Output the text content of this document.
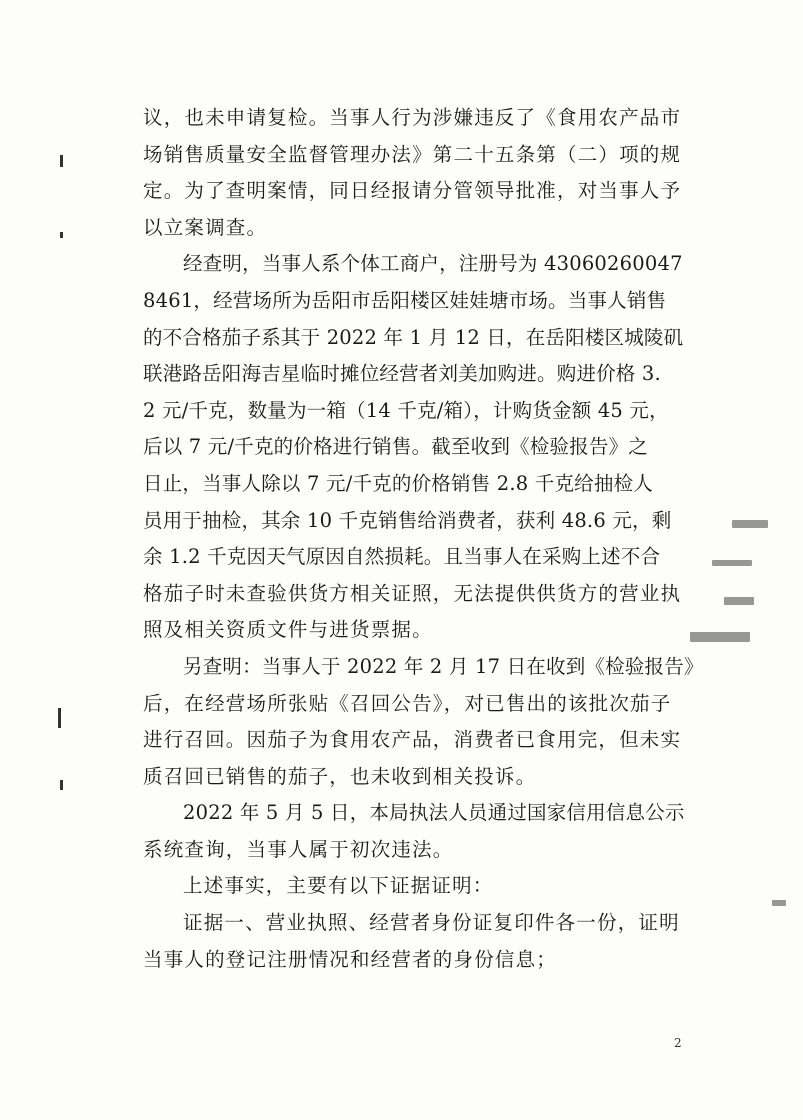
议，也未申请复检。当事人行为涉嫌违反了《食用农产品市
场销售质量安全监督管理办法》第二十五条第（二）项的规
定。为了查明案情，同日经报请分管领导批准，对当事人予
以立案调查。
经查明，当事人系个体工商户，注册号为 43060260047
8461，经营场所为岳阳市岳阳楼区娃娃塘市场。当事人销售
的不合格茄子系其于 2022 年 1 月 12 日，在岳阳楼区城陵矶
联港路岳阳海吉星临时摊位经营者刘美加购进。购进价格 3.
2 元/千克，数量为一箱（14 千克/箱），计购货金额 45 元，
后以 7 元/千克的价格进行销售。截至收到《检验报告》之
日止，当事人除以 7 元/千克的价格销售 2.8 千克给抽检人
员用于抽检，其余 10 千克销售给消费者，获利 48.6 元，剩
余 1.2 千克因天气原因自然损耗。且当事人在采购上述不合
格茄子时未查验供货方相关证照，无法提供供货方的营业执
照及相关资质文件与进货票据。
另查明：当事人于 2022 年 2 月 17 日在收到《检验报告》
后，在经营场所张贴《召回公告》，对已售出的该批次茄子
进行召回。因茄子为食用农产品，消费者已食用完，但未实
质召回已销售的茄子，也未收到相关投诉。
2022 年 5 月 5 日，本局执法人员通过国家信用信息公示
系统查询，当事人属于初次违法。
上述事实，主要有以下证据证明：
证据一、营业执照、经营者身份证复印件各一份，证明
当事人的登记注册情况和经营者的身份信息；
2
